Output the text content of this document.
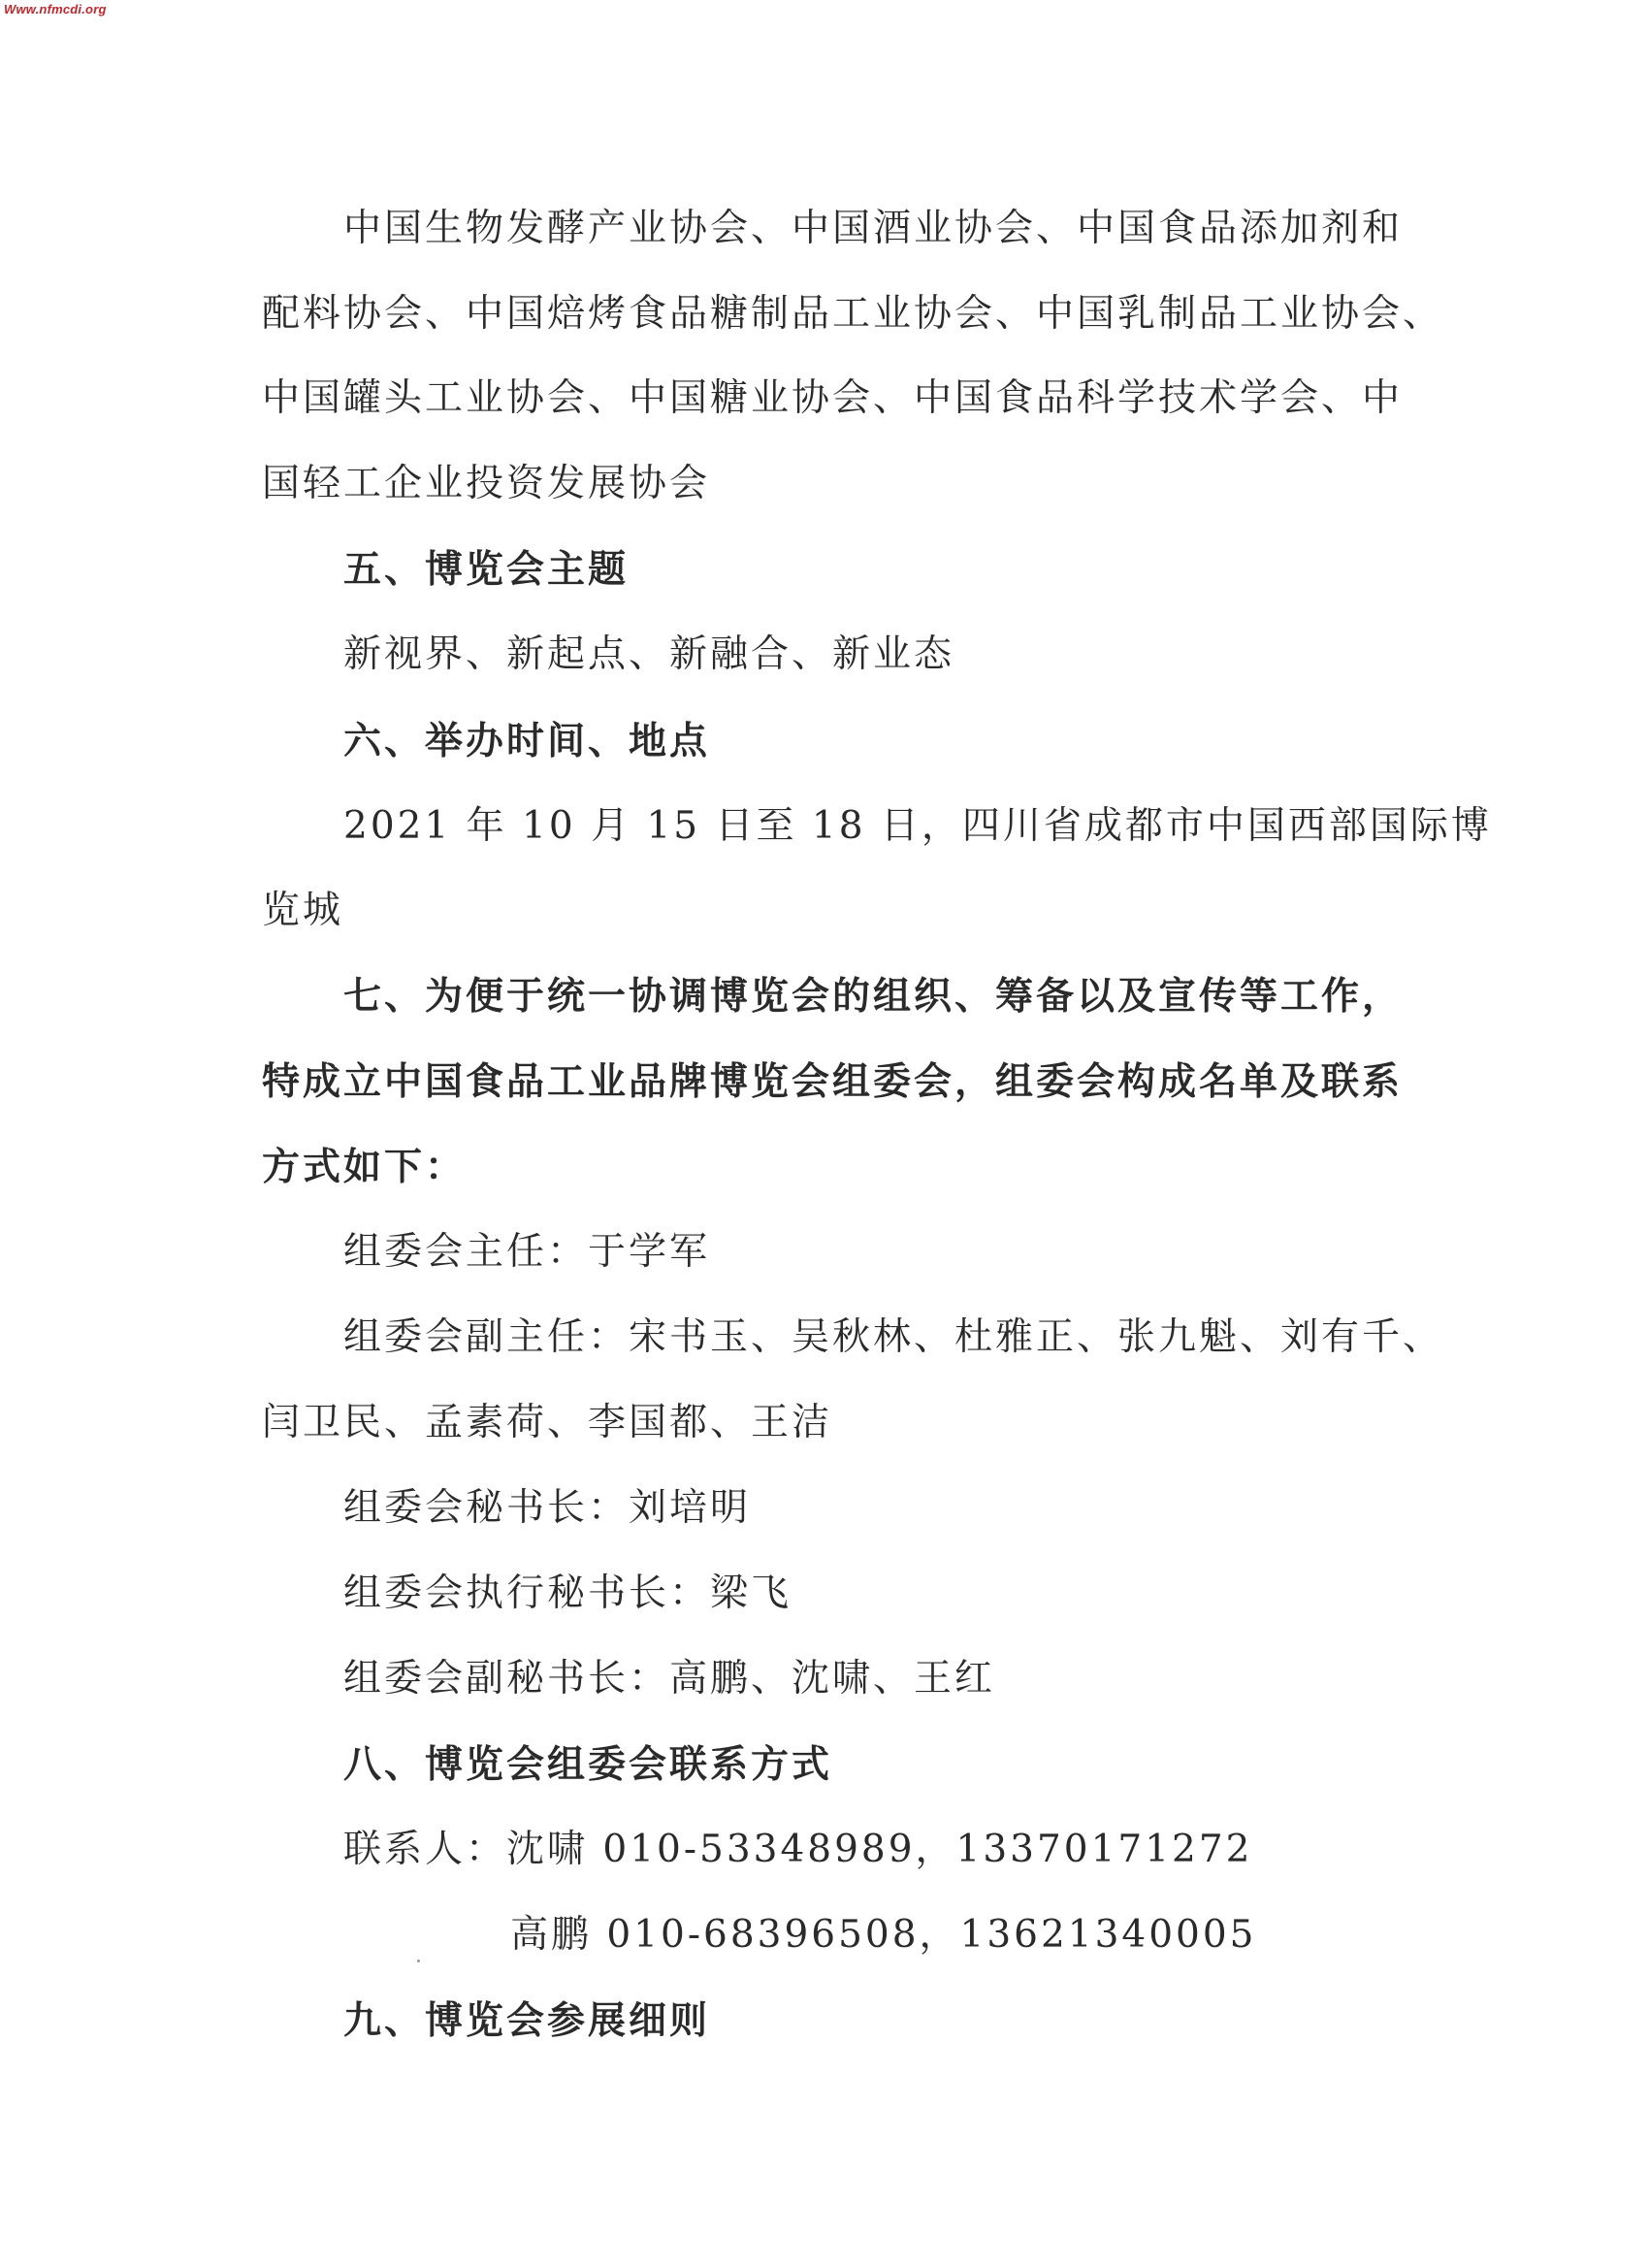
Www.nfmcdi.org
中国生物发酵产业协会、中国酒业协会、中国食品添加剂和
配料协会、中国焙烤食品糖制品工业协会、中国乳制品工业协会、
中国罐头工业协会、中国糖业协会、中国食品科学技术学会、中
国轻工企业投资发展协会
五、博览会主题
新视界、新起点、新融合、新业态
六、举办时间、地点
2021 年 10 月 15 日至 18 日，四川省成都市中国西部国际博
览城
七、为便于统一协调博览会的组织、筹备以及宣传等工作，
特成立中国食品工业品牌博览会组委会，组委会构成名单及联系
方式如下：
组委会主任：于学军
组委会副主任：宋书玉、吴秋林、杜雅正、张九魁、刘有千、
闫卫民、孟素荷、李国都、王洁
组委会秘书长：刘培明
组委会执行秘书长：梁飞
组委会副秘书长：高鹏、沈啸、王红
八、博览会组委会联系方式
联系人：沈啸 010-53348989，13370171272
高鹏 010-68396508，13621340005
九、博览会参展细则
